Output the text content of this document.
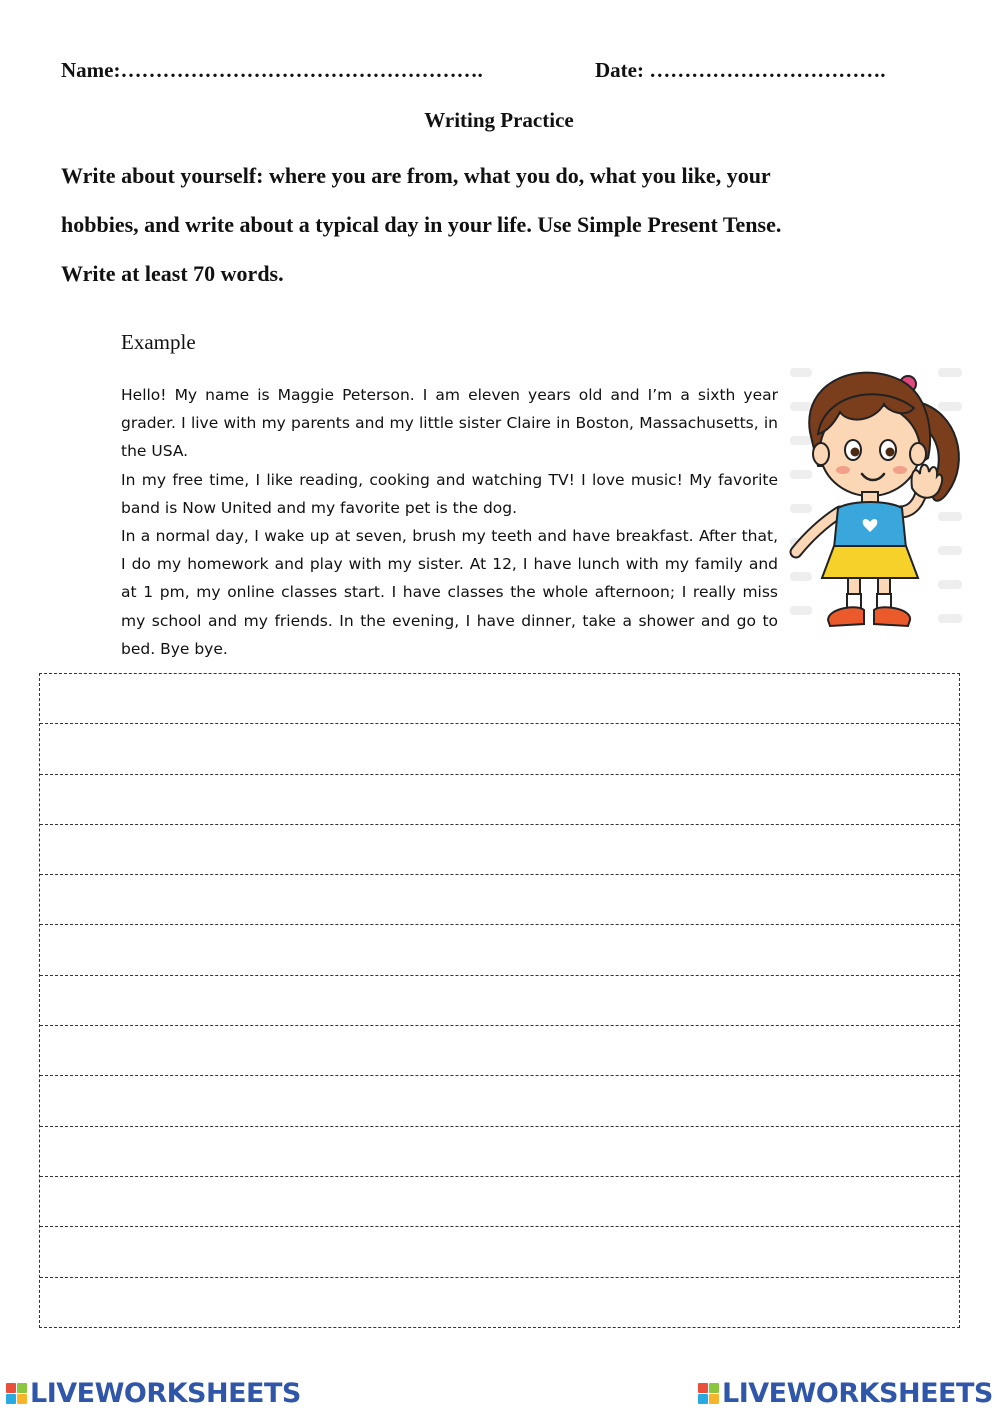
Name:…………………………………………….	Date: …………………………….
Writing Practice
Write about yourself: where you are from, what you do, what you like, your
hobbies, and write about a typical day in your life. Use Simple Present Tense.
Write at least 70 words.
Example

Hello! My name is Maggie Peterson. I am eleven years old and I’m a sixth year grader. I live with my parents and my little sister Claire in Boston, Massachusetts, in the USA.

In my free time, I like reading, cooking and watching TV! I love music! My favorite band is Now United and my favorite pet is the dog.

In a normal day, I wake up at seven, brush my teeth and have breakfast. After that, I do my homework and play with my sister. At 12, I have lunch with my family and at 1 pm, my online classes start. I have classes the whole afternoon; I really miss my school and my friends. In the evening, I have dinner, take a shower and go to bed. Bye bye.

LIVEWORKSHEETS	LIVEWORKSHEETS
